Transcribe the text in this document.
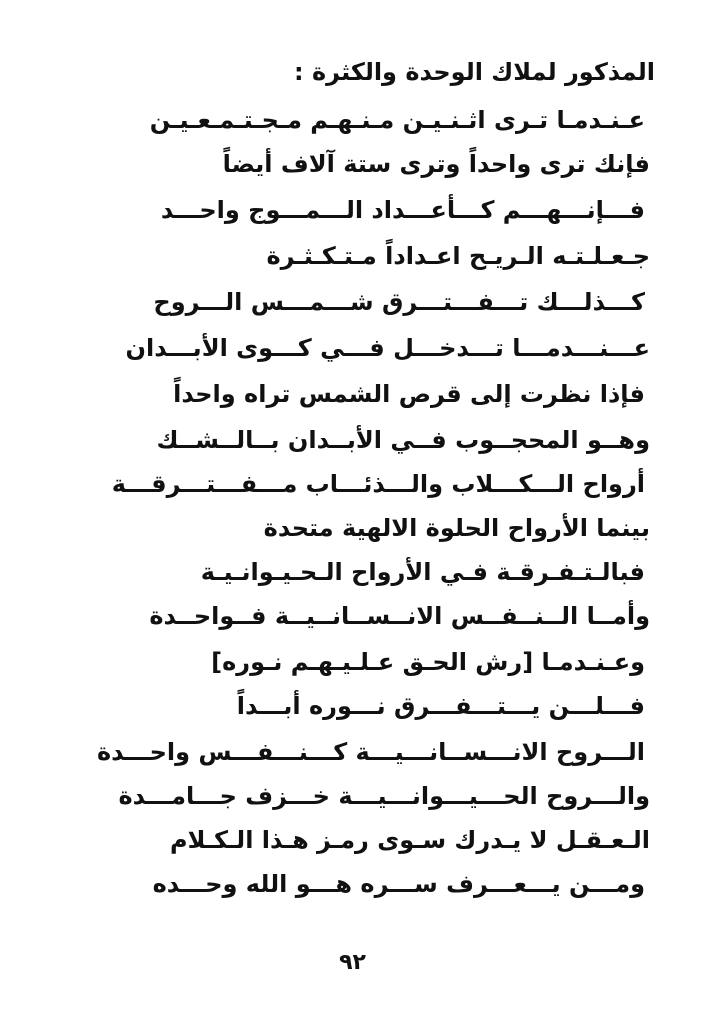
المذكور لملاك الوحدة والكثرة :
عـنـدمـا تـرى اثـنـيـن مـنـهـم مـجـتـمـعـيـن
فإنك ترى واحداً وترى ستة آلاف أيضاً
فـــإنـــهـــم كـــأعـــداد الـــمـــوج واحـــد
جـعـلـتـه الـريـح اعـداداً مـتـكـثـرة
كـــذلـــك تـــفـــتـــرق شـــمـــس الـــروح
عـــنـــدمـــا تـــدخـــل فـــي كـــوى الأبـــدان
فإذا نظرت إلى قرص الشمس تراه واحداً
وهــو المحجــوب فــي الأبــدان بــالــشــك
أرواح الـــكـــلاب والـــذئـــاب مـــفـــتـــرقـــة
بينما الأرواح الحلوة الالهية متحدة
فبالـتـفـرقـة فـي الأرواح الـحـيـوانـيـة
وأمــا الــنــفــس الانــســانــيــة فــواحــدة
وعـنـدمـا [رش الحـق عـلـيـهـم نـوره]
فـــلـــن يـــتـــفـــرق نـــوره أبـــداً
الـــروح الانـــســانـــيـــة كـــنـــفـــس واحـــدة
والـــروح الحـــيـــوانـــيـــة خـــزف جـــامـــدة
الـعـقـل لا يـدرك سـوى رمـز هـذا الـكـلام
ومـــن يـــعـــرف ســـره هـــو الله وحـــده
٩٢
